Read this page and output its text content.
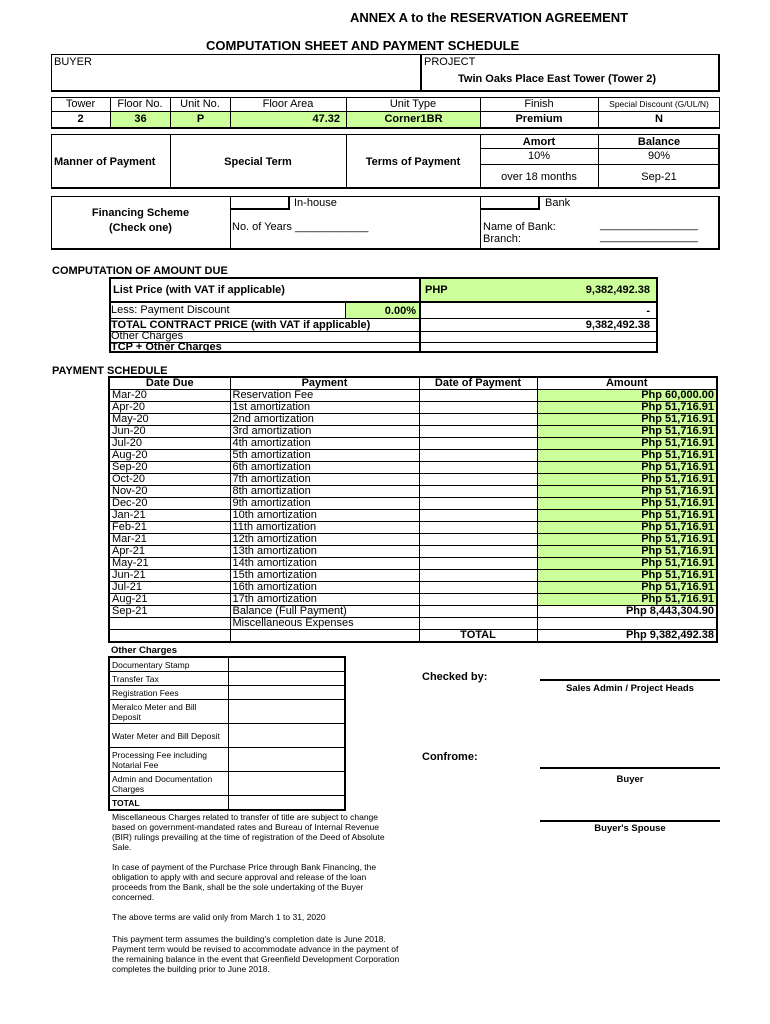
ANNEX A to the RESERVATION AGREEMENT
COMPUTATION SHEET AND PAYMENT SCHEDULE
BUYER	PROJECT
Twin Oaks Place East Tower (Tower 2)
Tower	Floor No.	Unit No.	Floor Area	Unit Type	Finish	Special Discount (G/UL/N)
2	36	P	47.32	Corner1BR	Premium	N
Manner of Payment	Special Term	Terms of Payment
Amort	Balance
10%	90%
over 18 months	Sep-21
Financing Scheme
(Check one)
In-house
No. of Years ____________
Bank
Name of Bank:
Branch:
________________
________________
COMPUTATION OF AMOUNT DUE
List Price (with VAT if applicable)	PHP	9,382,492.38
Less: Payment Discount	0.00%	-
TOTAL CONTRACT PRICE (with VAT if applicable)	9,382,492.38
Other Charges
TCP + Other Charges
PAYMENT SCHEDULE
Date Due	Payment	Date of Payment	Amount
Mar-20	Reservation Fee		Php 60,000.00
Apr-20	1st amortization		Php 51,716.91
May-20	2nd amortization		Php 51,716.91
Jun-20	3rd amortization		Php 51,716.91
Jul-20	4th amortization		Php 51,716.91
Aug-20	5th amortization		Php 51,716.91
Sep-20	6th amortization		Php 51,716.91
Oct-20	7th amortization		Php 51,716.91
Nov-20	8th amortization		Php 51,716.91
Dec-20	9th amortization		Php 51,716.91
Jan-21	10th amortization		Php 51,716.91
Feb-21	11th amortization		Php 51,716.91
Mar-21	12th amortization		Php 51,716.91
Apr-21	13th amortization		Php 51,716.91
May-21	14th amortization		Php 51,716.91
Jun-21	15th amortization		Php 51,716.91
Jul-21	16th amortization		Php 51,716.91
Aug-21	17th amortization		Php 51,716.91
Sep-21	Balance (Full Payment)		Php 8,443,304.90
	Miscellaneous Expenses		
		TOTAL	Php 9,382,492.38
Other Charges
Documentary Stamp	
Transfer Tax	
Registration Fees	
Meralco Meter and Bill Deposit	
Water Meter and Bill Deposit	
Processing Fee including Notarial Fee	
Admin and Documentation Charges	
TOTAL	
Checked by:
Sales Admin / Project Heads
Confrome:
Buyer
Buyer's Spouse
Miscellaneous Charges related to transfer of title are subject to change based on government-mandated rates and Bureau of Internal Revenue (BIR) rulings prevailing at the time of registration of the Deed of Absolute Sale.
In case of payment of the Purchase Price through Bank Financing, the obligation to apply with and secure approval and release of the loan proceeds from the Bank, shall be the sole undertaking of the Buyer concerned.
The above terms are valid only from March 1 to 31, 2020
This payment term assumes the building's completion date is June 2018. Payment term would be revised to accommodate advance in the payment of the remaining balance in the event that Greenfield Development Corporation completes the building prior to June 2018.
